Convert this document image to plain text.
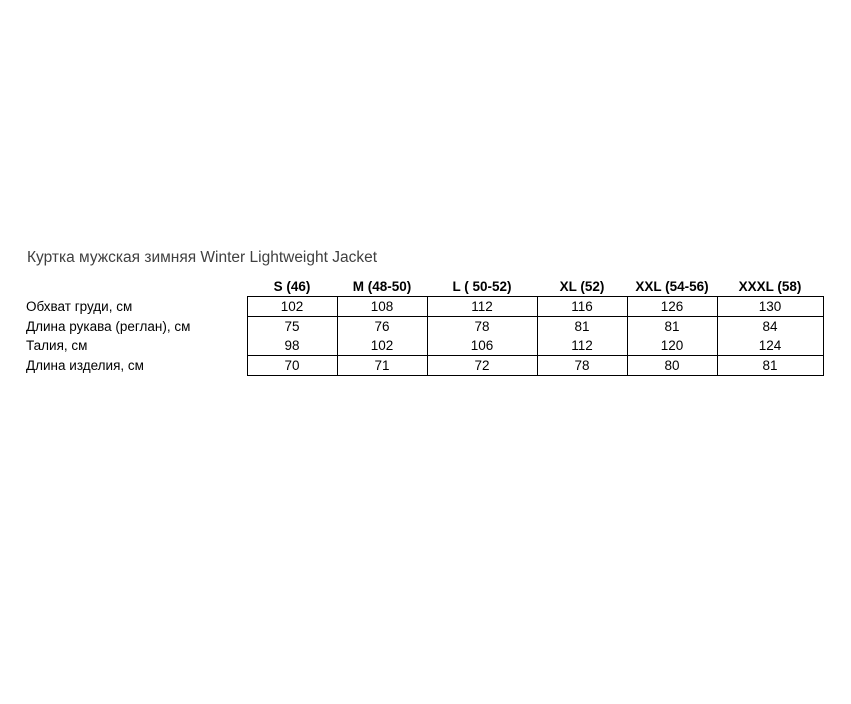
Куртка мужская зимняя Winter Lightweight Jacket
	S (46)	M (48-50)	L ( 50-52)	XL (52)	XXL (54-56)	XXXL (58)
Обхват груди, см	102	108	112	116	126	130
Длина рукава (реглан), см	75	76	78	81	81	84
Талия, см	98	102	106	112	120	124
Длина изделия, см	70	71	72	78	80	81
